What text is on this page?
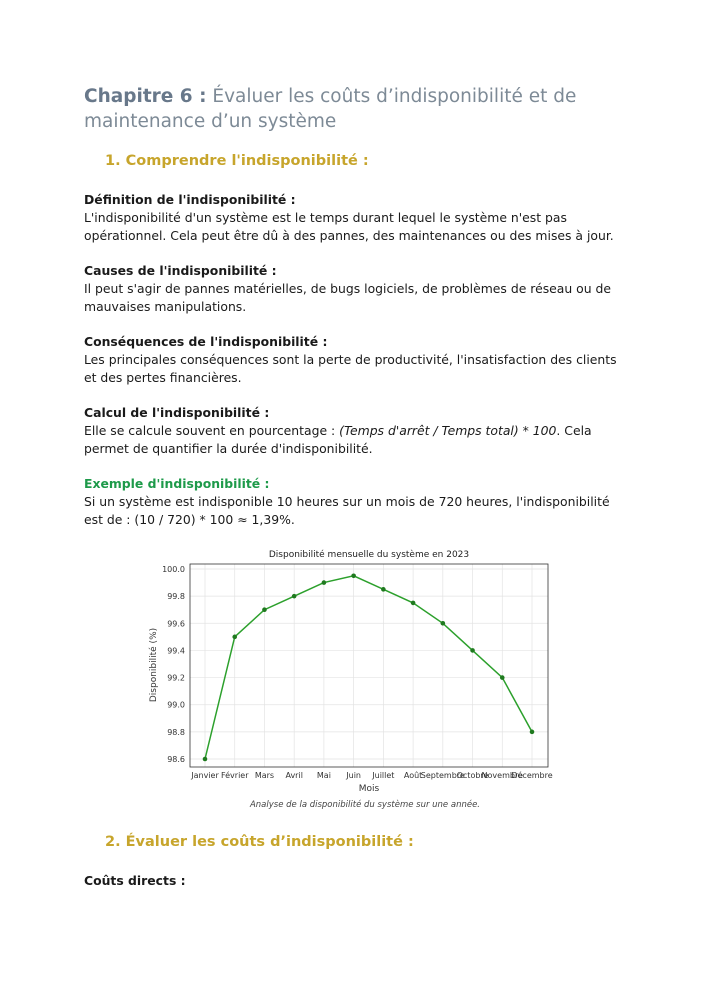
Chapitre 6 : Évaluer les coûts d’indisponibilité et de maintenance d’un système
1. Comprendre l'indisponibilité :
Définition de l'indisponibilité :

L'indisponibilité d'un système est le temps durant lequel le système n'est pas opérationnel. Cela peut être dû à des pannes, des maintenances ou des mises à jour.

Causes de l'indisponibilité :

Il peut s'agir de pannes matérielles, de bugs logiciels, de problèmes de réseau ou de mauvaises manipulations.

Conséquences de l'indisponibilité :

Les principales conséquences sont la perte de productivité, l'insatisfaction des clients et des pertes financières.

Calcul de l'indisponibilité :

Elle se calcule souvent en pourcentage : (Temps d'arrêt / Temps total) * 100. Cela permet de quantifier la durée d'indisponibilité.

Exemple d'indisponibilité :

Si un système est indisponible 10 heures sur un mois de 720 heures, l'indisponibilité est de : (10 / 720) * 100 ≈ 1,39%.

Disponibilité mensuelle du système en 2023
98.6
98.8
99.0
99.2
99.4
99.6
99.8
100.0
Janvier Février Mars Avril Mai Juin Juillet Août
Septembre
Octobre
Novembre
Décembre
Mois
Disponibilité (%)
Analyse de la disponibilité du système sur une année.
2. Évaluer les coûts d’indisponibilité :
Coûts directs :
